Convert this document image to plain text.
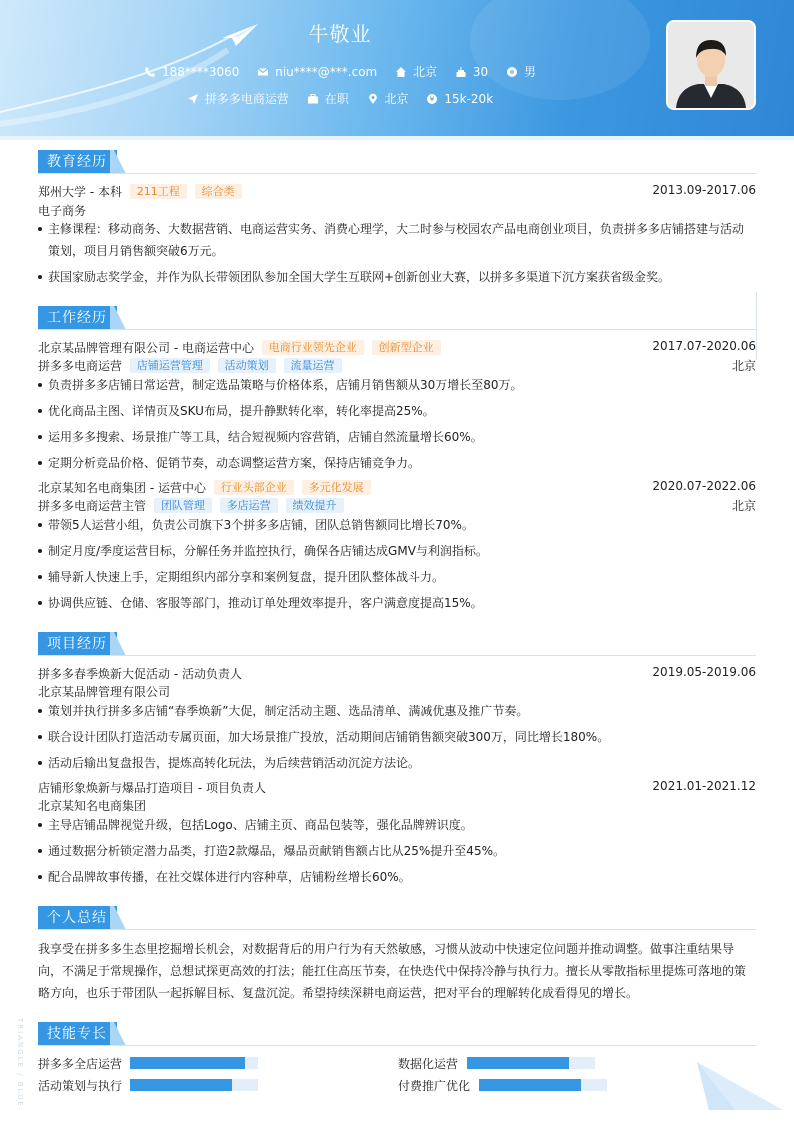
牛敬业
188****3060
	niu****@***.com
	北京
	30
	男
拼多多电商运营
	在职
	北京
	¥ 15k-20k
教育经历
郑州大学 - 本科 211工程 综合类	2013.09-2017.06
电子商务
主修课程：移动商务、大数据营销、电商运营实务、消费心理学，大二时参与校园农产品电商创业项目，负责拼多多店铺搭建与活动
策划，项目月销售额突破6万元。
获国家励志奖学金，并作为队长带领团队参加全国大学生互联网+创新创业大赛，以拼多多渠道下沉方案获省级金奖。
工作经历
北京某品牌管理有限公司 - 电商运营中心 电商行业领先企业 创新型企业	2017.07-2020.06
拼多多电商运营 店铺运营管理 活动策划 流量运营	北京
负责拼多多店铺日常运营，制定选品策略与价格体系，店铺月销售额从30万增长至80万。
优化商品主图、详情页及SKU布局，提升静默转化率，转化率提高25%。
运用多多搜索、场景推广等工具，结合短视频内容营销，店铺自然流量增长60%。
定期分析竞品价格、促销节奏，动态调整运营方案，保持店铺竞争力。
北京某知名电商集团 - 运营中心 行业头部企业 多元化发展	2020.07-2022.06
拼多多电商运营主管 团队管理 多店运营 绩效提升	北京
带领5人运营小组，负责公司旗下3个拼多多店铺，团队总销售额同比增长70%。
制定月度/季度运营目标，分解任务并监控执行，确保各店铺达成GMV与利润指标。
辅导新人快速上手，定期组织内部分享和案例复盘，提升团队整体战斗力。
协调供应链、仓储、客服等部门，推动订单处理效率提升，客户满意度提高15%。
项目经历
拼多多春季焕新大促活动 - 活动负责人	2019.05-2019.06
北京某品牌管理有限公司
策划并执行拼多多店铺“春季焕新”大促，制定活动主题、选品清单、满减优惠及推广节奏。
联合设计团队打造活动专属页面，加大场景推广投放，活动期间店铺销售额突破300万，同比增长180%。
活动后输出复盘报告，提炼高转化玩法，为后续营销活动沉淀方法论。
店铺形象焕新与爆品打造项目 - 项目负责人	2021.01-2021.12
北京某知名电商集团
主导店铺品牌视觉升级，包括Logo、店铺主页、商品包装等，强化品牌辨识度。
通过数据分析锁定潜力品类，打造2款爆品，爆品贡献销售额占比从25%提升至45%。
配合品牌故事传播，在社交媒体进行内容种草，店铺粉丝增长60%。
个人总结
我享受在拼多多生态里挖掘增长机会，对数据背后的用户行为有天然敏感，习惯从波动中快速定位问题并推动调整。做事注重结果导
向，不满足于常规操作，总想试探更高效的打法；能扛住高压节奏，在快迭代中保持冷静与执行力。擅长从零散指标里提炼可落地的策
略方向，也乐于带团队一起拆解目标、复盘沉淀。希望持续深耕电商运营，把对平台的理解转化成看得见的增长。
技能专长
拼多多全店运营	数据化运营
活动策划与执行	付费推广优化
TRIANGLE / BLUE
